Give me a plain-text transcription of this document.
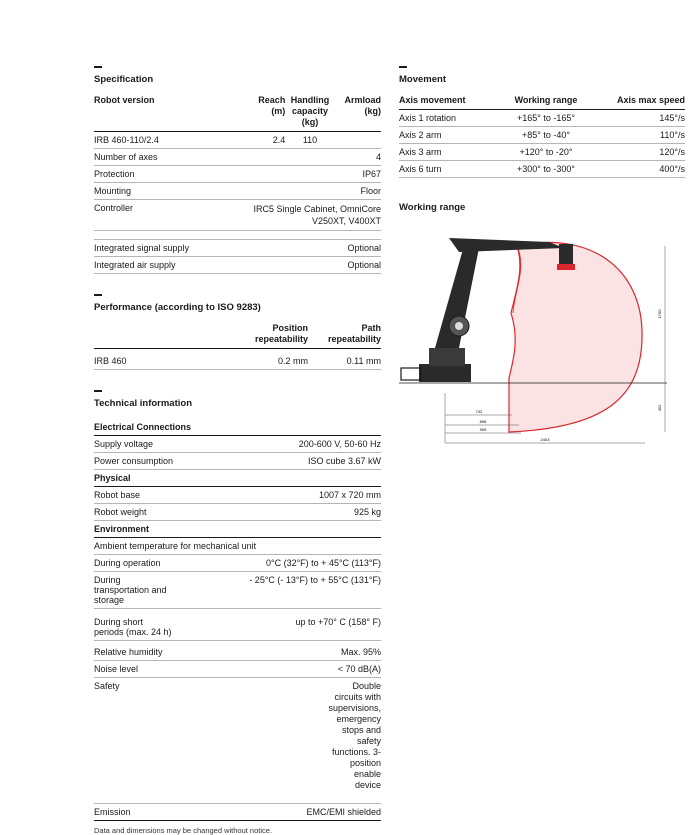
Specification
Robot version	Reach (m)	Handling capacity (kg)	Armload (kg)
IRB 460-110/2.4	2.4	110	
Number of axes	4		
Protection	IP67		
Mounting	Floor		
Controller	IRC5 Single Cabinet, OmniCore V250XT, V400XT		

Integrated signal supply	Optional		
Integrated air supply	Optional		
Performance (according to ISO 9283)
	Position repeatability	Path repeatability

IRB 460	0.2 mm	0.11 mm
Technical information
Electrical Connections	
Supply voltage	200-600 V, 50-60 Hz
Power consumption	ISO cube 3.67 kW
Physical	
Robot base	1007 x 720 mm
Robot weight	925 kg
Environment	
Ambient temperature for mechanical unit	
During operation	0°C (32°F) to + 45°C (113°F)
During transportation and storage	- 25°C (- 13°F) to + 55°C (131°F)
During short periods (max. 24 h)	up to +70° C (158° F)
Relative humidity	Max. 95%
Noise level	< 70 dB(A)
Safety	Double circuits with supervisions, emergency stops and safety functions. 3-position enable device
Emission	EMC/EMI shielded
Data and dimensions may be changed without notice.
Movement
Axis movement	Working range	Axis max speed
Axis 1 rotation	+165° to -165°	145°/s
Axis 2 arm	+85° to -40°	110°/s
Axis 3 arm	+120° to -20°	120°/s
Axis 6 turn	+300° to -300°	400°/s
Working range
742
898
909
2403
1700
452
